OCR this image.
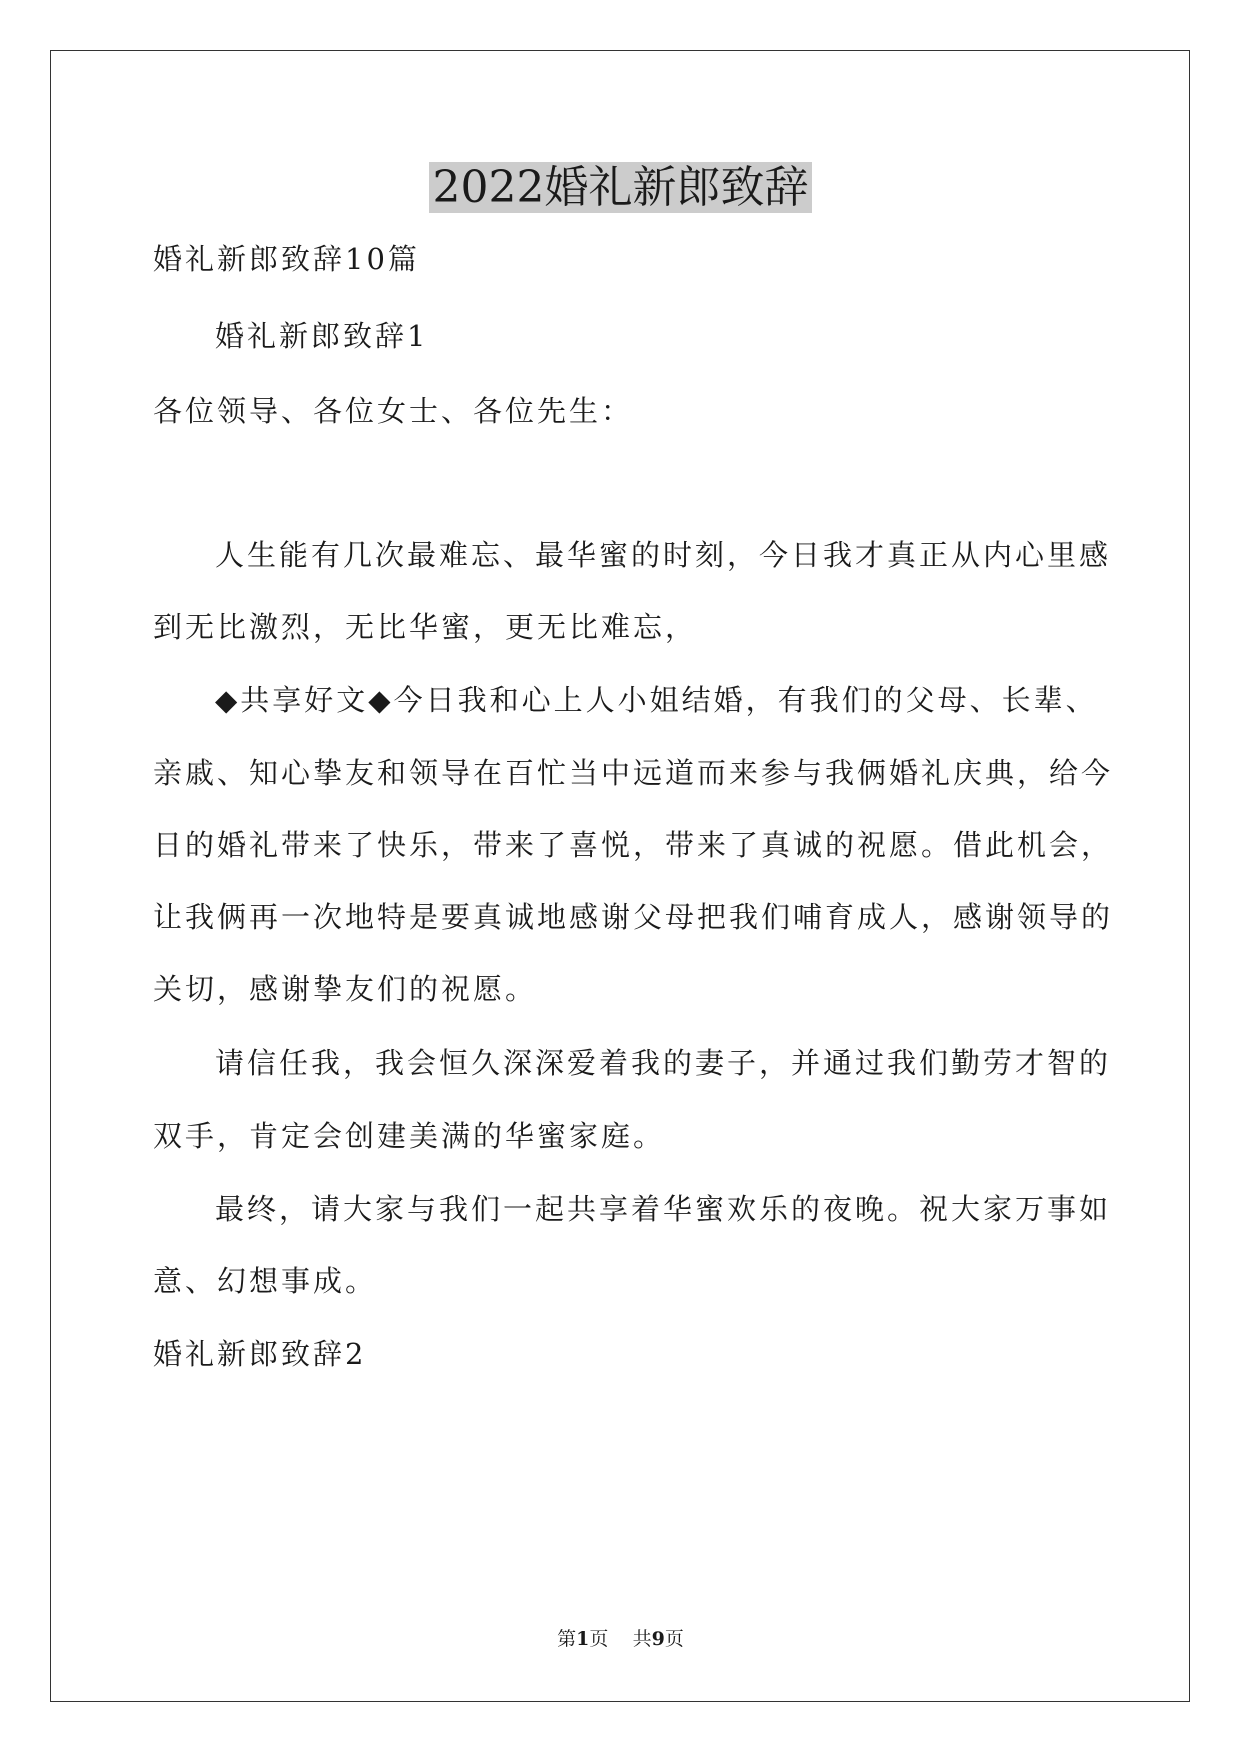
2022婚礼新郎致辞
婚礼新郎致辞10篇
婚礼新郎致辞1
各位领导、各位女士、各位先生：
人生能有几次最难忘、最华蜜的时刻，今日我才真正从内心里感
到无比激烈，无比华蜜，更无比难忘，
◆共享好文◆今日我和心上人小姐结婚，有我们的父母、长辈、
亲戚、知心挚友和领导在百忙当中远道而来参与我俩婚礼庆典，给今
日的婚礼带来了快乐，带来了喜悦，带来了真诚的祝愿。借此机会，
让我俩再一次地特是要真诚地感谢父母把我们哺育成人，感谢领导的
关切，感谢挚友们的祝愿。
请信任我，我会恒久深深爱着我的妻子，并通过我们勤劳才智的
双手，肯定会创建美满的华蜜家庭。
最终，请大家与我们一起共享着华蜜欢乐的夜晚。祝大家万事如
意、幻想事成。
婚礼新郎致辞2
第1页 共9页
